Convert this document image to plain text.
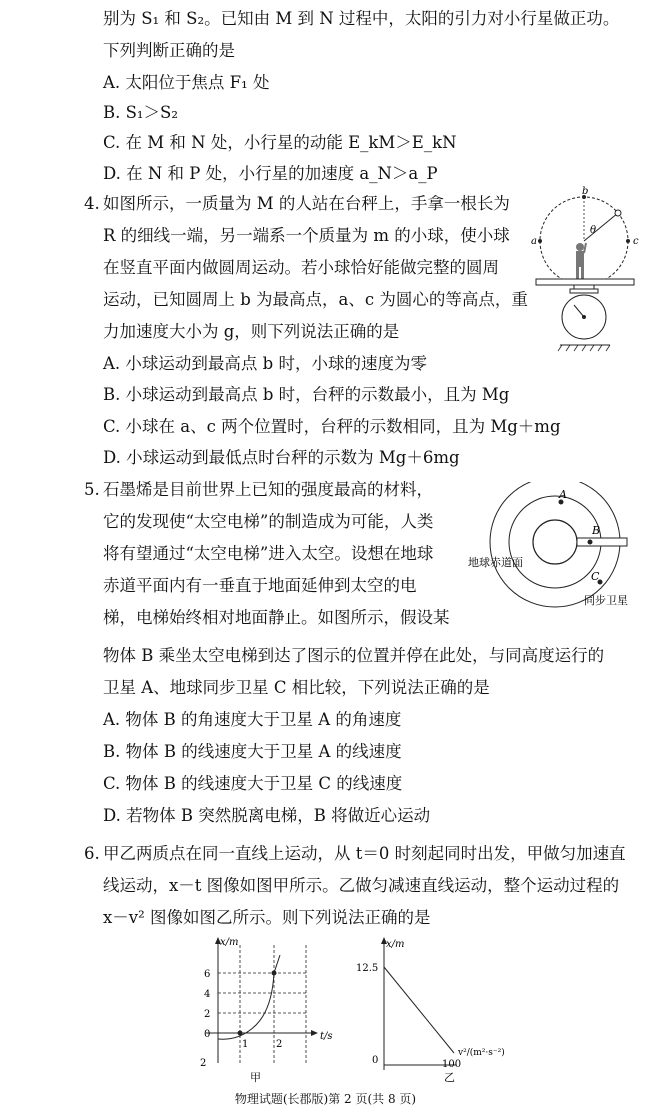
别为 S₁ 和 S₂。已知由 M 到 N 过程中，太阳的引力对小行星做正功。
下列判断正确的是
A. 太阳位于焦点 F₁ 处
B. S₁＞S₂
C. 在 M 和 N 处，小行星的动能 E_kM＞E_kN
D. 在 N 和 P 处，小行星的加速度 a_N＞a_P
4. 如图所示，一质量为 M 的人站在台秤上，手拿一根长为
R 的细线一端，另一端系一个质量为 m 的小球，使小球
在竖直平面内做圆周运动。若小球恰好能做完整的圆周
运动，已知圆周上 b 为最高点，a、c 为圆心的等高点，重
力加速度大小为 g，则下列说法正确的是
A. 小球运动到最高点 b 时，小球的速度为零
B. 小球运动到最高点 b 时，台秤的示数最小，且为 Mg
C. 小球在 a、c 两个位置时，台秤的示数相同，且为 Mg＋mg
D. 小球运动到最低点时台秤的示数为 Mg＋6mg
b
a	c
θ
5. 石墨烯是目前世界上已知的强度最高的材料，
它的发现使“太空电梯”的制造成为可能，人类
将有望通过“太空电梯”进入太空。设想在地球
赤道平面内有一垂直于地面延伸到太空的电
梯，电梯始终相对地面静止。如图所示，假设某
物体 B 乘坐太空电梯到达了图示的位置并停在此处，与同高度运行的
卫星 A、地球同步卫星 C 相比较，下列说法正确的是
A. 物体 B 的角速度大于卫星 A 的角速度
B. 物体 B 的线速度大于卫星 A 的线速度
C. 物体 B 的线速度大于卫星 C 的线速度
D. 若物体 B 突然脱离电梯，B 将做近心运动
A
B
C
地球赤道面
同步卫星
6. 甲乙两质点在同一直线上运动，从 t＝0 时刻起同时出发，甲做匀加速直
线运动，x－t 图像如图甲所示。乙做匀减速直线运动，整个运动过程的
x－v² 图像如图乙所示。则下列说法正确的是
x/m
t/s
6
4
2
0
2
1	2
甲
x/m
v²/(m²·s⁻²)
12.5
0	100
乙
物理试题(长郡版)第 2 页(共 8 页)
